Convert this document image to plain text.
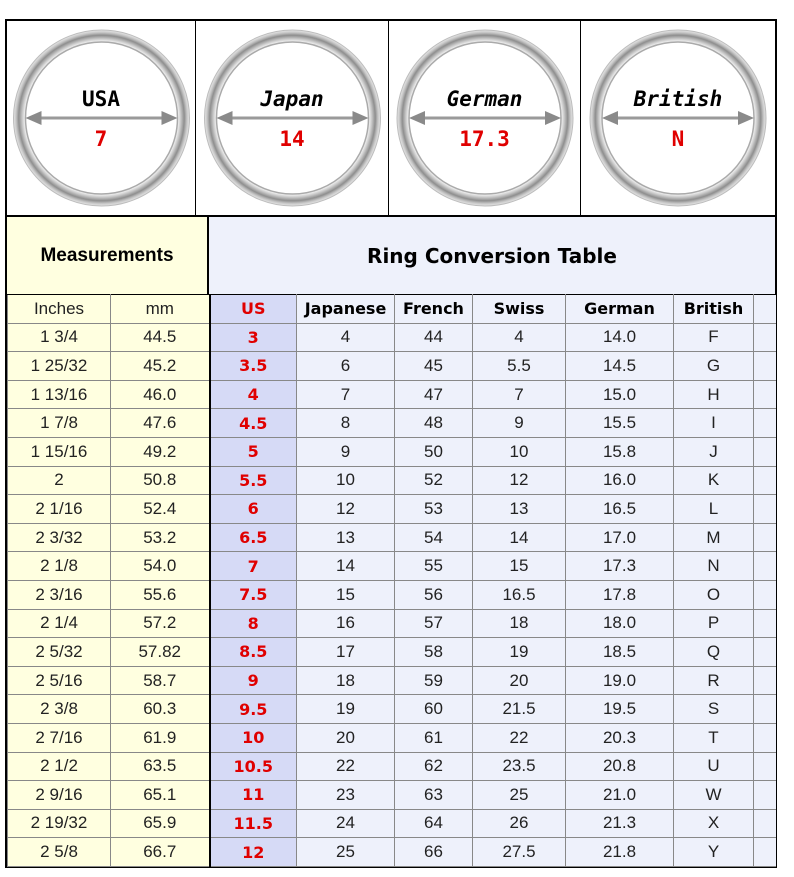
USA
7
Japan
14
German
17.3
British
N
Measurements	Ring Conversion Table
Inches	mm	US	Japanese	French	Swiss	German	British	
1 3/4	44.5	3	4	44	4	14.0	F	
1 25/32	45.2	3.5	6	45	5.5	14.5	G	
1 13/16	46.0	4	7	47	7	15.0	H	
1 7/8	47.6	4.5	8	48	9	15.5	I	
1 15/16	49.2	5	9	50	10	15.8	J	
2	50.8	5.5	10	52	12	16.0	K	
2 1/16	52.4	6	12	53	13	16.5	L	
2 3/32	53.2	6.5	13	54	14	17.0	M	
2 1/8	54.0	7	14	55	15	17.3	N	
2 3/16	55.6	7.5	15	56	16.5	17.8	O	
2 1/4	57.2	8	16	57	18	18.0	P	
2 5/32	57.82	8.5	17	58	19	18.5	Q	
2 5/16	58.7	9	18	59	20	19.0	R	
2 3/8	60.3	9.5	19	60	21.5	19.5	S	
2 7/16	61.9	10	20	61	22	20.3	T	
2 1/2	63.5	10.5	22	62	23.5	20.8	U	
2 9/16	65.1	11	23	63	25	21.0	W	
2 19/32	65.9	11.5	24	64	26	21.3	X	
2 5/8	66.7	12	25	66	27.5	21.8	Y	
